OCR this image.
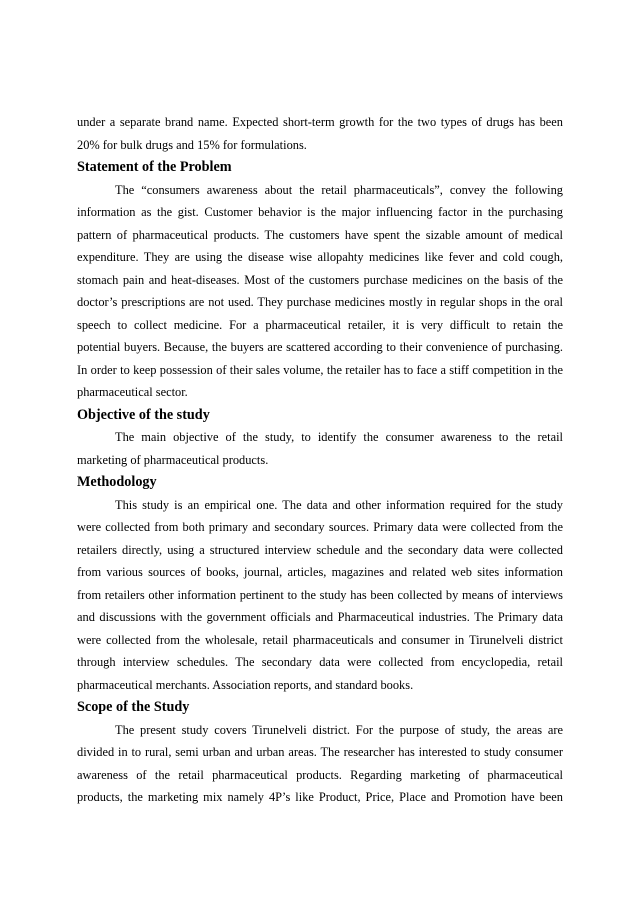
under a separate brand name. Expected short-term growth for the two types of drugs has been
20% for bulk drugs and 15% for formulations.
Statement of the Problem
The “consumers awareness about the retail pharmaceuticals”, convey the following
information as the gist. Customer behavior is the major influencing factor in the purchasing
pattern of pharmaceutical products. The customers have spent the sizable amount of medical
expenditure. They are using the disease wise allopahty medicines like fever and cold cough,
stomach pain and heat-diseases. Most of the customers purchase medicines on the basis of the
doctor’s prescriptions are not used. They purchase medicines mostly in regular shops in the oral
speech to collect medicine. For a pharmaceutical retailer, it is very difficult to retain the
potential buyers. Because, the buyers are scattered according to their convenience of purchasing.
In order to keep possession of their sales volume, the retailer has to face a stiff competition in the
pharmaceutical sector.
Objective of the study
The main objective of the study, to identify the consumer awareness to the retail
marketing of pharmaceutical products.
Methodology
This study is an empirical one. The data and other information required for the study
were collected from both primary and secondary sources. Primary data were collected from the
retailers directly, using a structured interview schedule and the secondary data were collected
from various sources of books, journal, articles, magazines and related web sites information
from retailers other information pertinent to the study has been collected by means of interviews
and discussions with the government officials and Pharmaceutical industries. The Primary data
were collected from the wholesale, retail pharmaceuticals and consumer in Tirunelveli district
through interview schedules. The secondary data were collected from encyclopedia, retail
pharmaceutical merchants. Association reports, and standard books.
Scope of the Study
The present study covers Tirunelveli district. For the purpose of study, the areas are
divided in to rural, semi urban and urban areas. The researcher has interested to study consumer
awareness of the retail pharmaceutical products. Regarding marketing of pharmaceutical
products, the marketing mix namely 4P’s like Product, Price, Place and Promotion have been
